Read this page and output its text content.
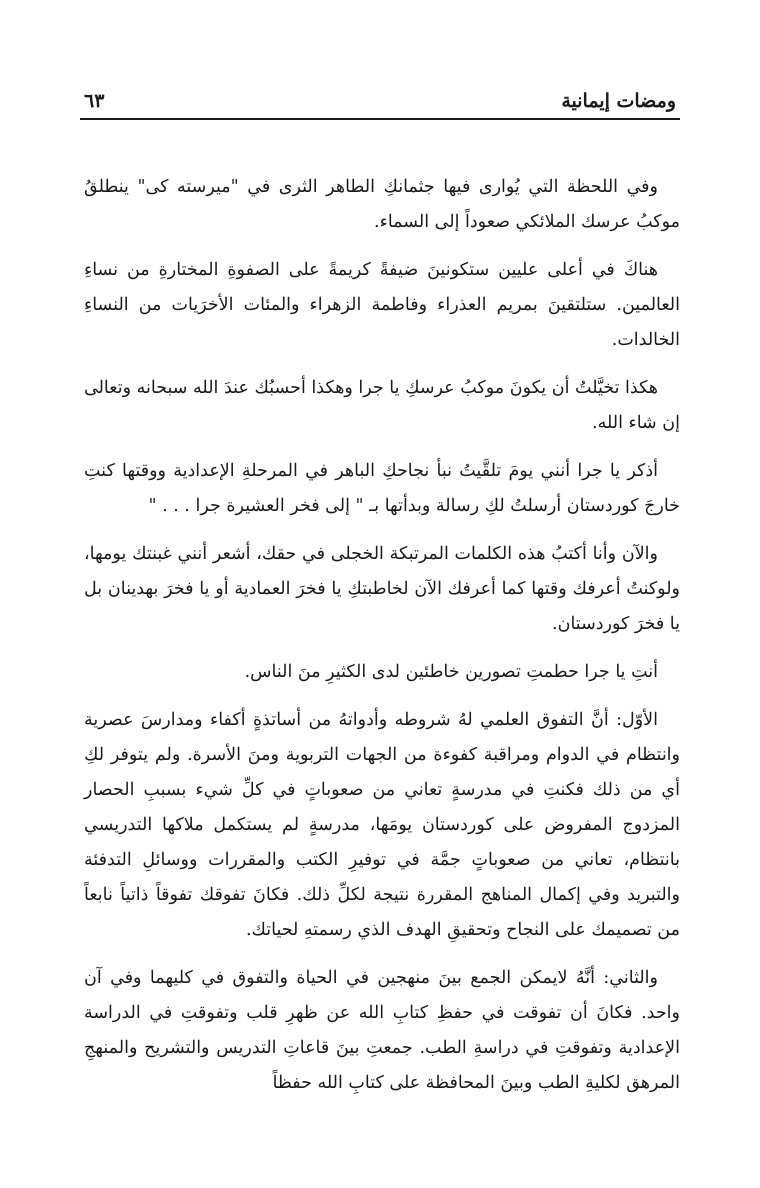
ومضات إيمانية
٦٣

وفي اللحظة التي يُوارى فيها جثمانكِ الطاهر الثرى في "ميرسته كى" ينطلقُ موكبُ عرسك الملائكي صعوداً إلى السماء.

هناكَ في أعلى عليين ستكونينَ ضيفةً كريمةً على الصفوةِ المختارةِ من نساءِ العالمين. ستلتقينَ بمريم العذراء وفاطمة الزهراء والمئات الأخرَيات من النساءِ الخالدات.

هكذا تخيَّلتُ أن يكونَ موكبُ عرسكِ يا جرا وهكذا أحسبُك عندَ الله سبحانه وتعالى إن شاء الله.

أذكر يا جرا أنني يومَ تلقَّيتُ نبأ نجاحكِ الباهر في المرحلةِ الإعدادية ووقتها كنتِ خارجَ كوردستان أرسلتُ لكِ رسالة وبدأتها بـ " إلى فخر العشيرة جرا . . . "

والآن وأنا أكتبُ هذه الكلمات المرتبكة الخجلى في حقك، أشعر أنني غبنتك يومها، ولوكنتُ أعرفك وقتها كما أعرفك الآن لخاطبتكِ يا فخرَ العمادية أو يا فخرَ بهدينان بل يا فخرَ كوردستان.

أنتِ يا جرا حطمتِ تصورين خاطئين لدى الكثيرِ منَ الناس.

الأوّل: أنَّ التفوق العلمي لهُ شروطه وأدواتهُ من أساتذةٍ أكفاء ومدارسَ عصرية وانتظام في الدوام ومراقبة كفوءة من الجهات التربوية ومنَ الأسرة. ولم يتوفر لكِ أي من ذلك فكنتِ في مدرسةٍ تعاني من صعوباتٍ في كلِّ شيء بسببِ الحصار المزدوج المفروض على كوردستان يومَها، مدرسةٍ لم يستكمل ملاكها التدريسي بانتظام، تعاني من صعوباتٍ جمَّة في توفيرِ الكتب والمقررات ووسائلِ التدفئة والتبريد وفي إكمال المناهج المقررة نتيجة لكلِّ ذلك. فكانَ تفوقك تفوقاً ذاتياً نابعاً من تصميمك على النجاح وتحقيقِ الهدف الذي رسمتهِ لحياتك.

والثاني: أنَّهُ لايمكن الجمع بينَ منهجين في الحياة والتفوق في كليهما وفي آن واحد. فكانَ أن تفوقت في حفظِ كتابِ الله عن ظهرِ قلب وتفوقتِ في الدراسة الإعدادية وتفوقتِ في دراسةِ الطب. جمعتِ بينَ قاعاتِ التدريس والتشريح والمنهجِ المرهق لكليةِ الطب وبينَ المحافظة على كتابِ الله حفظاً
